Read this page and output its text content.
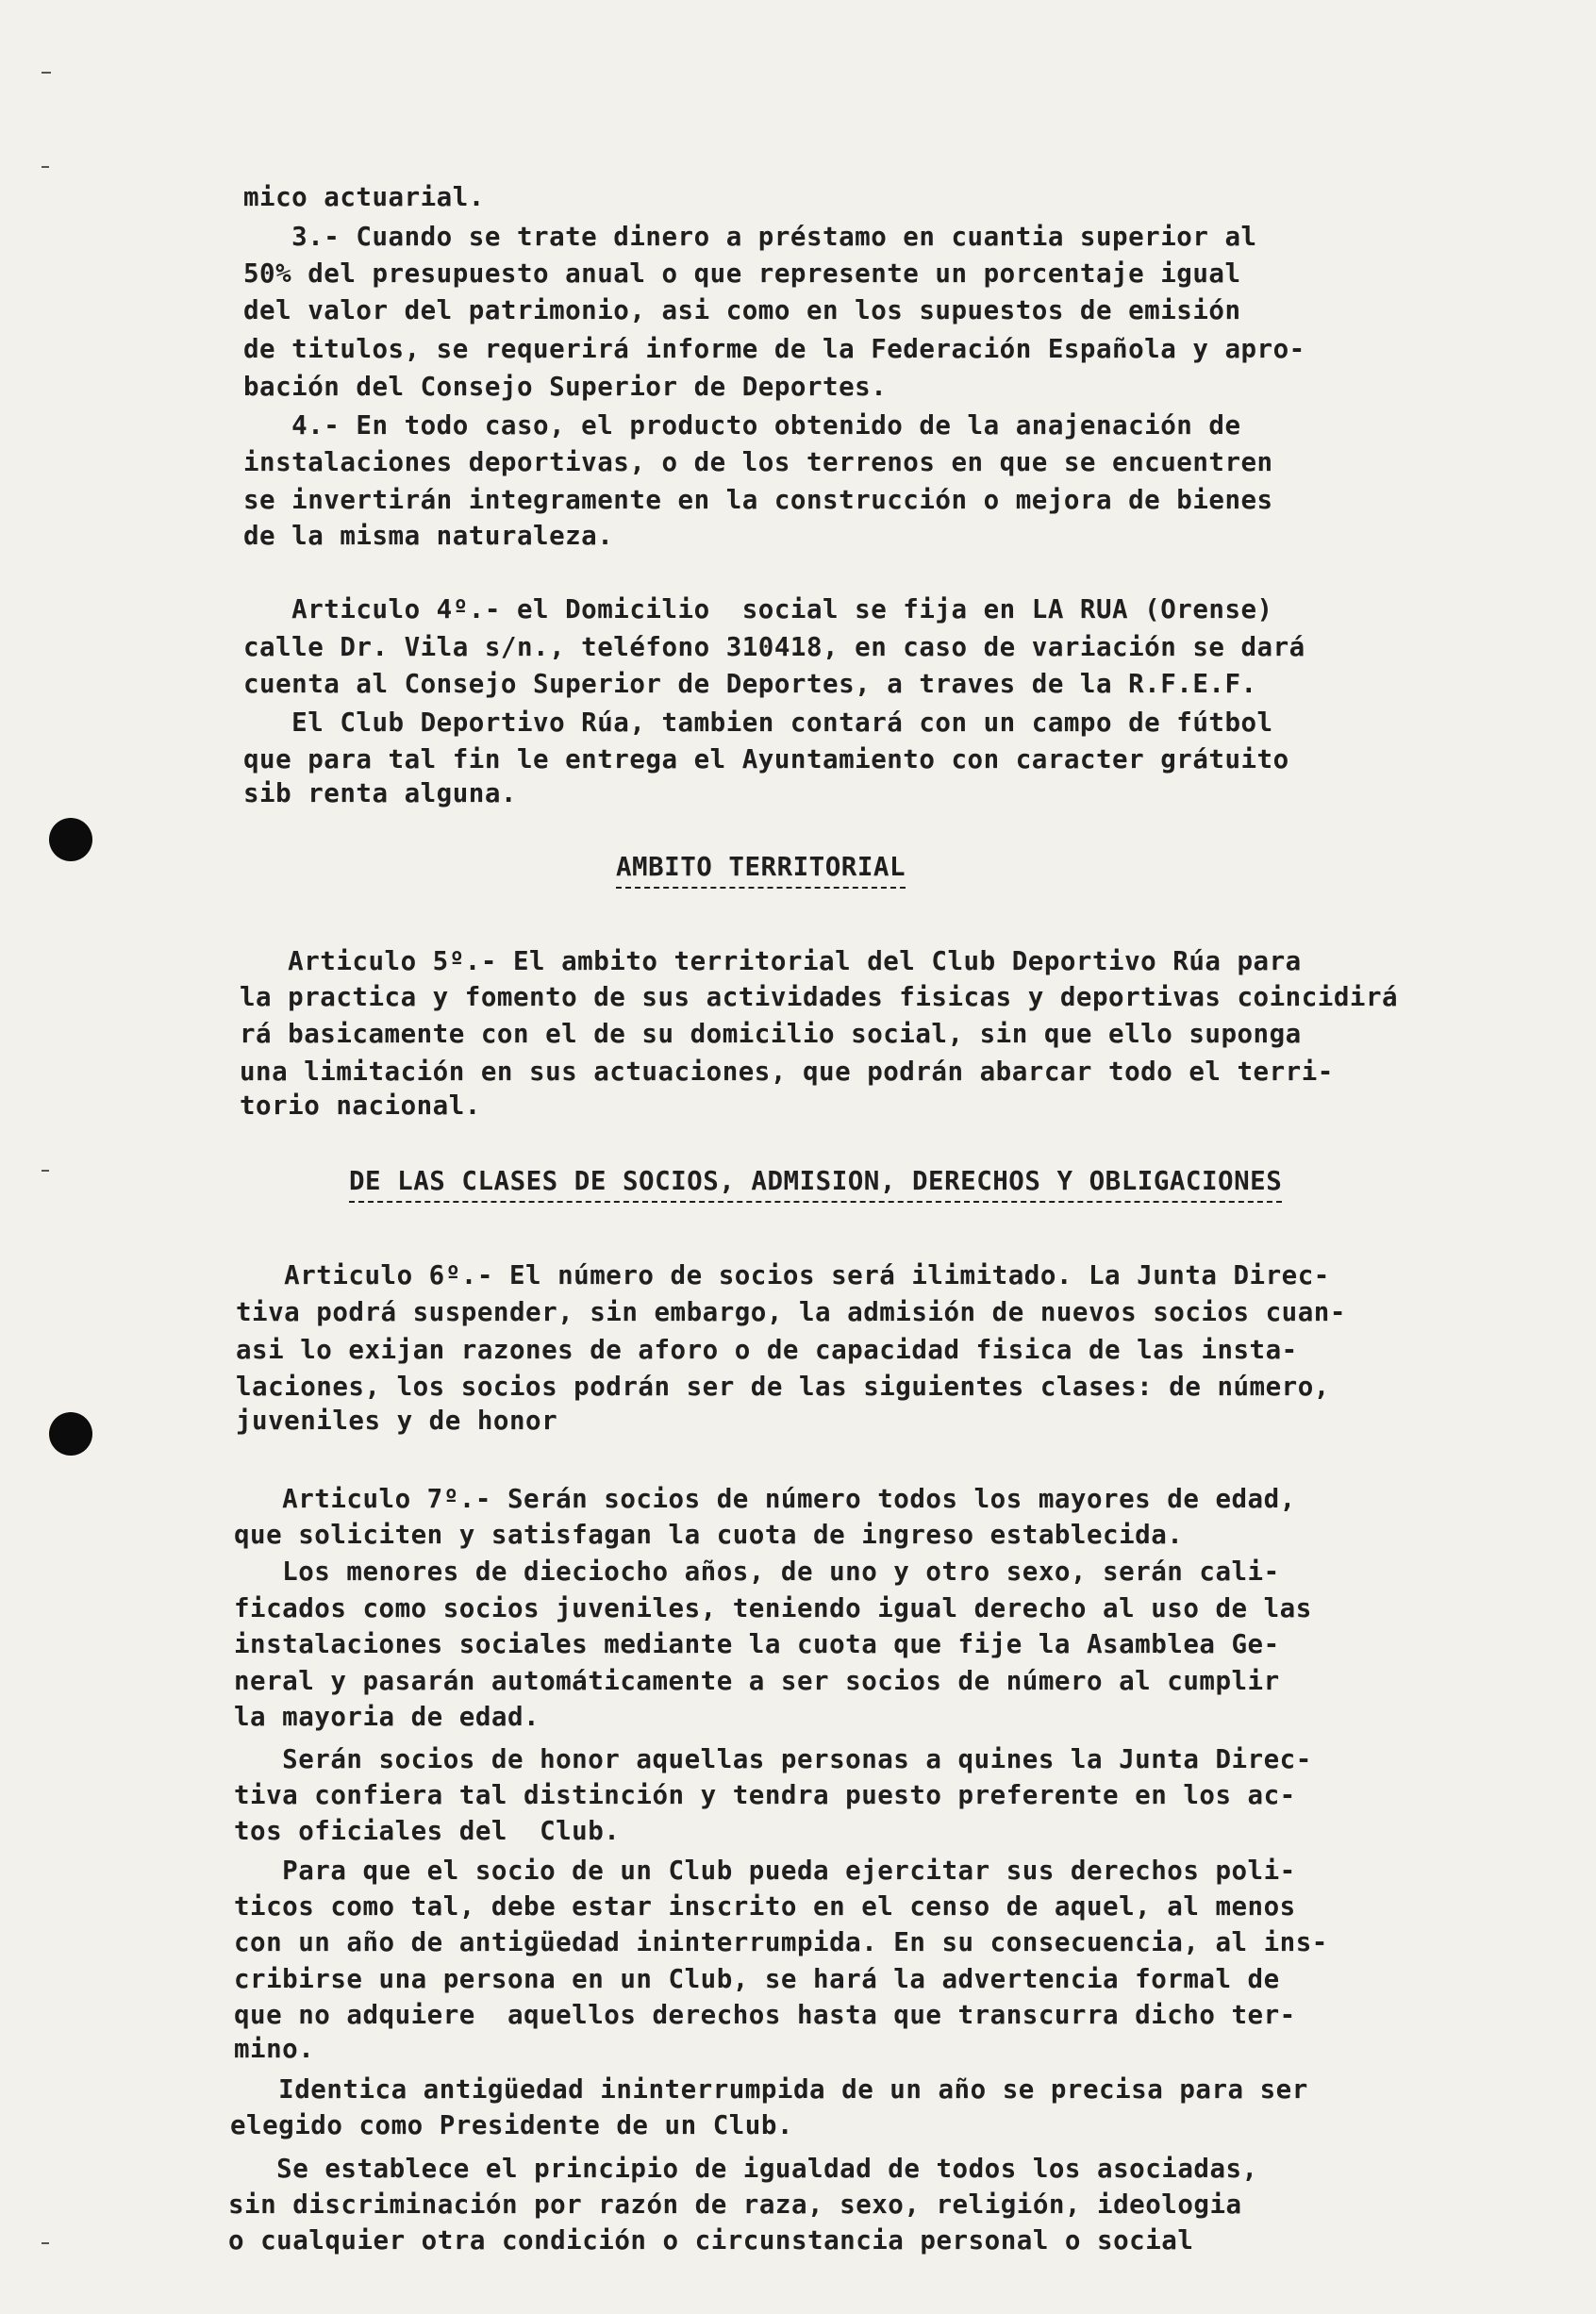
mico actuarial.

3.- Cuando se trate dinero a préstamo en cuantia superior al

50% del presupuesto anual o que represente un porcentaje igual

del valor del patrimonio, asi como en los supuestos de emisión

de titulos, se requerirá informe de la Federación Española y apro-

bación del Consejo Superior de Deportes.

4.- En todo caso, el producto obtenido de la anajenación de

instalaciones deportivas, o de los terrenos en que se encuentren

se invertirán integramente en la construcción o mejora de bienes

de la misma naturaleza.

Articulo 4º.- el Domicilio  social se fija en LA RUA (Orense)

calle Dr. Vila s/n., teléfono 310418, en caso de variación se dará

cuenta al Consejo Superior de Deportes, a traves de la R.F.E.F.

El Club Deportivo Rúa, tambien contará con un campo de fútbol

que para tal fin le entrega el Ayuntamiento con caracter grátuito

sib renta alguna.

AMBITO TERRITORIAL

Articulo 5º.- El ambito territorial del Club Deportivo Rúa para

la practica y fomento de sus actividades fisicas y deportivas coincidirá

rá basicamente con el de su domicilio social, sin que ello suponga

una limitación en sus actuaciones, que podrán abarcar todo el terri-

torio nacional.

DE LAS CLASES DE SOCIOS, ADMISION, DERECHOS Y OBLIGACIONES

Articulo 6º.- El número de socios será ilimitado. La Junta Direc-

tiva podrá suspender, sin embargo, la admisión de nuevos socios cuan-

asi lo exijan razones de aforo o de capacidad fisica de las insta-

laciones, los socios podrán ser de las siguientes clases: de número,

juveniles y de honor

Articulo 7º.- Serán socios de número todos los mayores de edad,

que soliciten y satisfagan la cuota de ingreso establecida.

Los menores de dieciocho años, de uno y otro sexo, serán cali-

ficados como socios juveniles, teniendo igual derecho al uso de las

instalaciones sociales mediante la cuota que fije la Asamblea Ge-

neral y pasarán automáticamente a ser socios de número al cumplir

la mayoria de edad.

Serán socios de honor aquellas personas a quines la Junta Direc-

tiva confiera tal distinción y tendra puesto preferente en los ac-

tos oficiales del  Club.

Para que el socio de un Club pueda ejercitar sus derechos poli-

ticos como tal, debe estar inscrito en el censo de aquel, al menos

con un año de antigüedad ininterrumpida. En su consecuencia, al ins-

cribirse una persona en un Club, se hará la advertencia formal de

que no adquiere  aquellos derechos hasta que transcurra dicho ter-

mino.

Identica antigüedad ininterrumpida de un año se precisa para ser

elegido como Presidente de un Club.

Se establece el principio de igualdad de todos los asociadas,

sin discriminación por razón de raza, sexo, religión, ideologia

o cualquier otra condición o circunstancia personal o social
